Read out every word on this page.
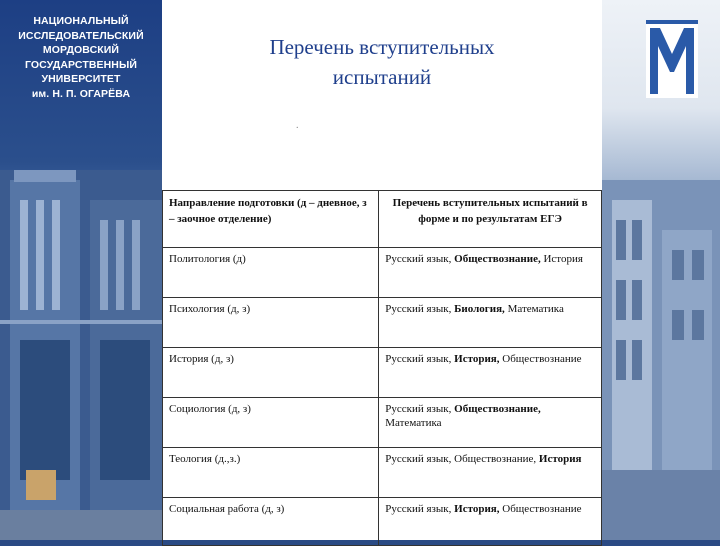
НАЦИОНАЛЬНЫЙ
ИССЛЕДОВАТЕЛЬСКИЙ
МОРДОВСКИЙ
ГОСУДАРСТВЕННЫЙ
УНИВЕРСИТЕТ
им. Н. П. ОГАРЁВА
Перечень вступительных
испытаний
.
Направление подготовки (д – дневное, з – заочное отделение)	Перечень вступительных испытаний в форме и по результатам ЕГЭ
Политология (д)	Русский язык, Обществознание, История
Психология (д, з)	Русский язык, Биология, Математика
История (д, з)	Русский язык, История, Обществознание
Социология (д, з)	Русский язык, Обществознание, Математика
Теология (д.,з.)	Русский язык, Обществознание, История
Социальная работа (д, з)	Русский язык, История, Обществознание
